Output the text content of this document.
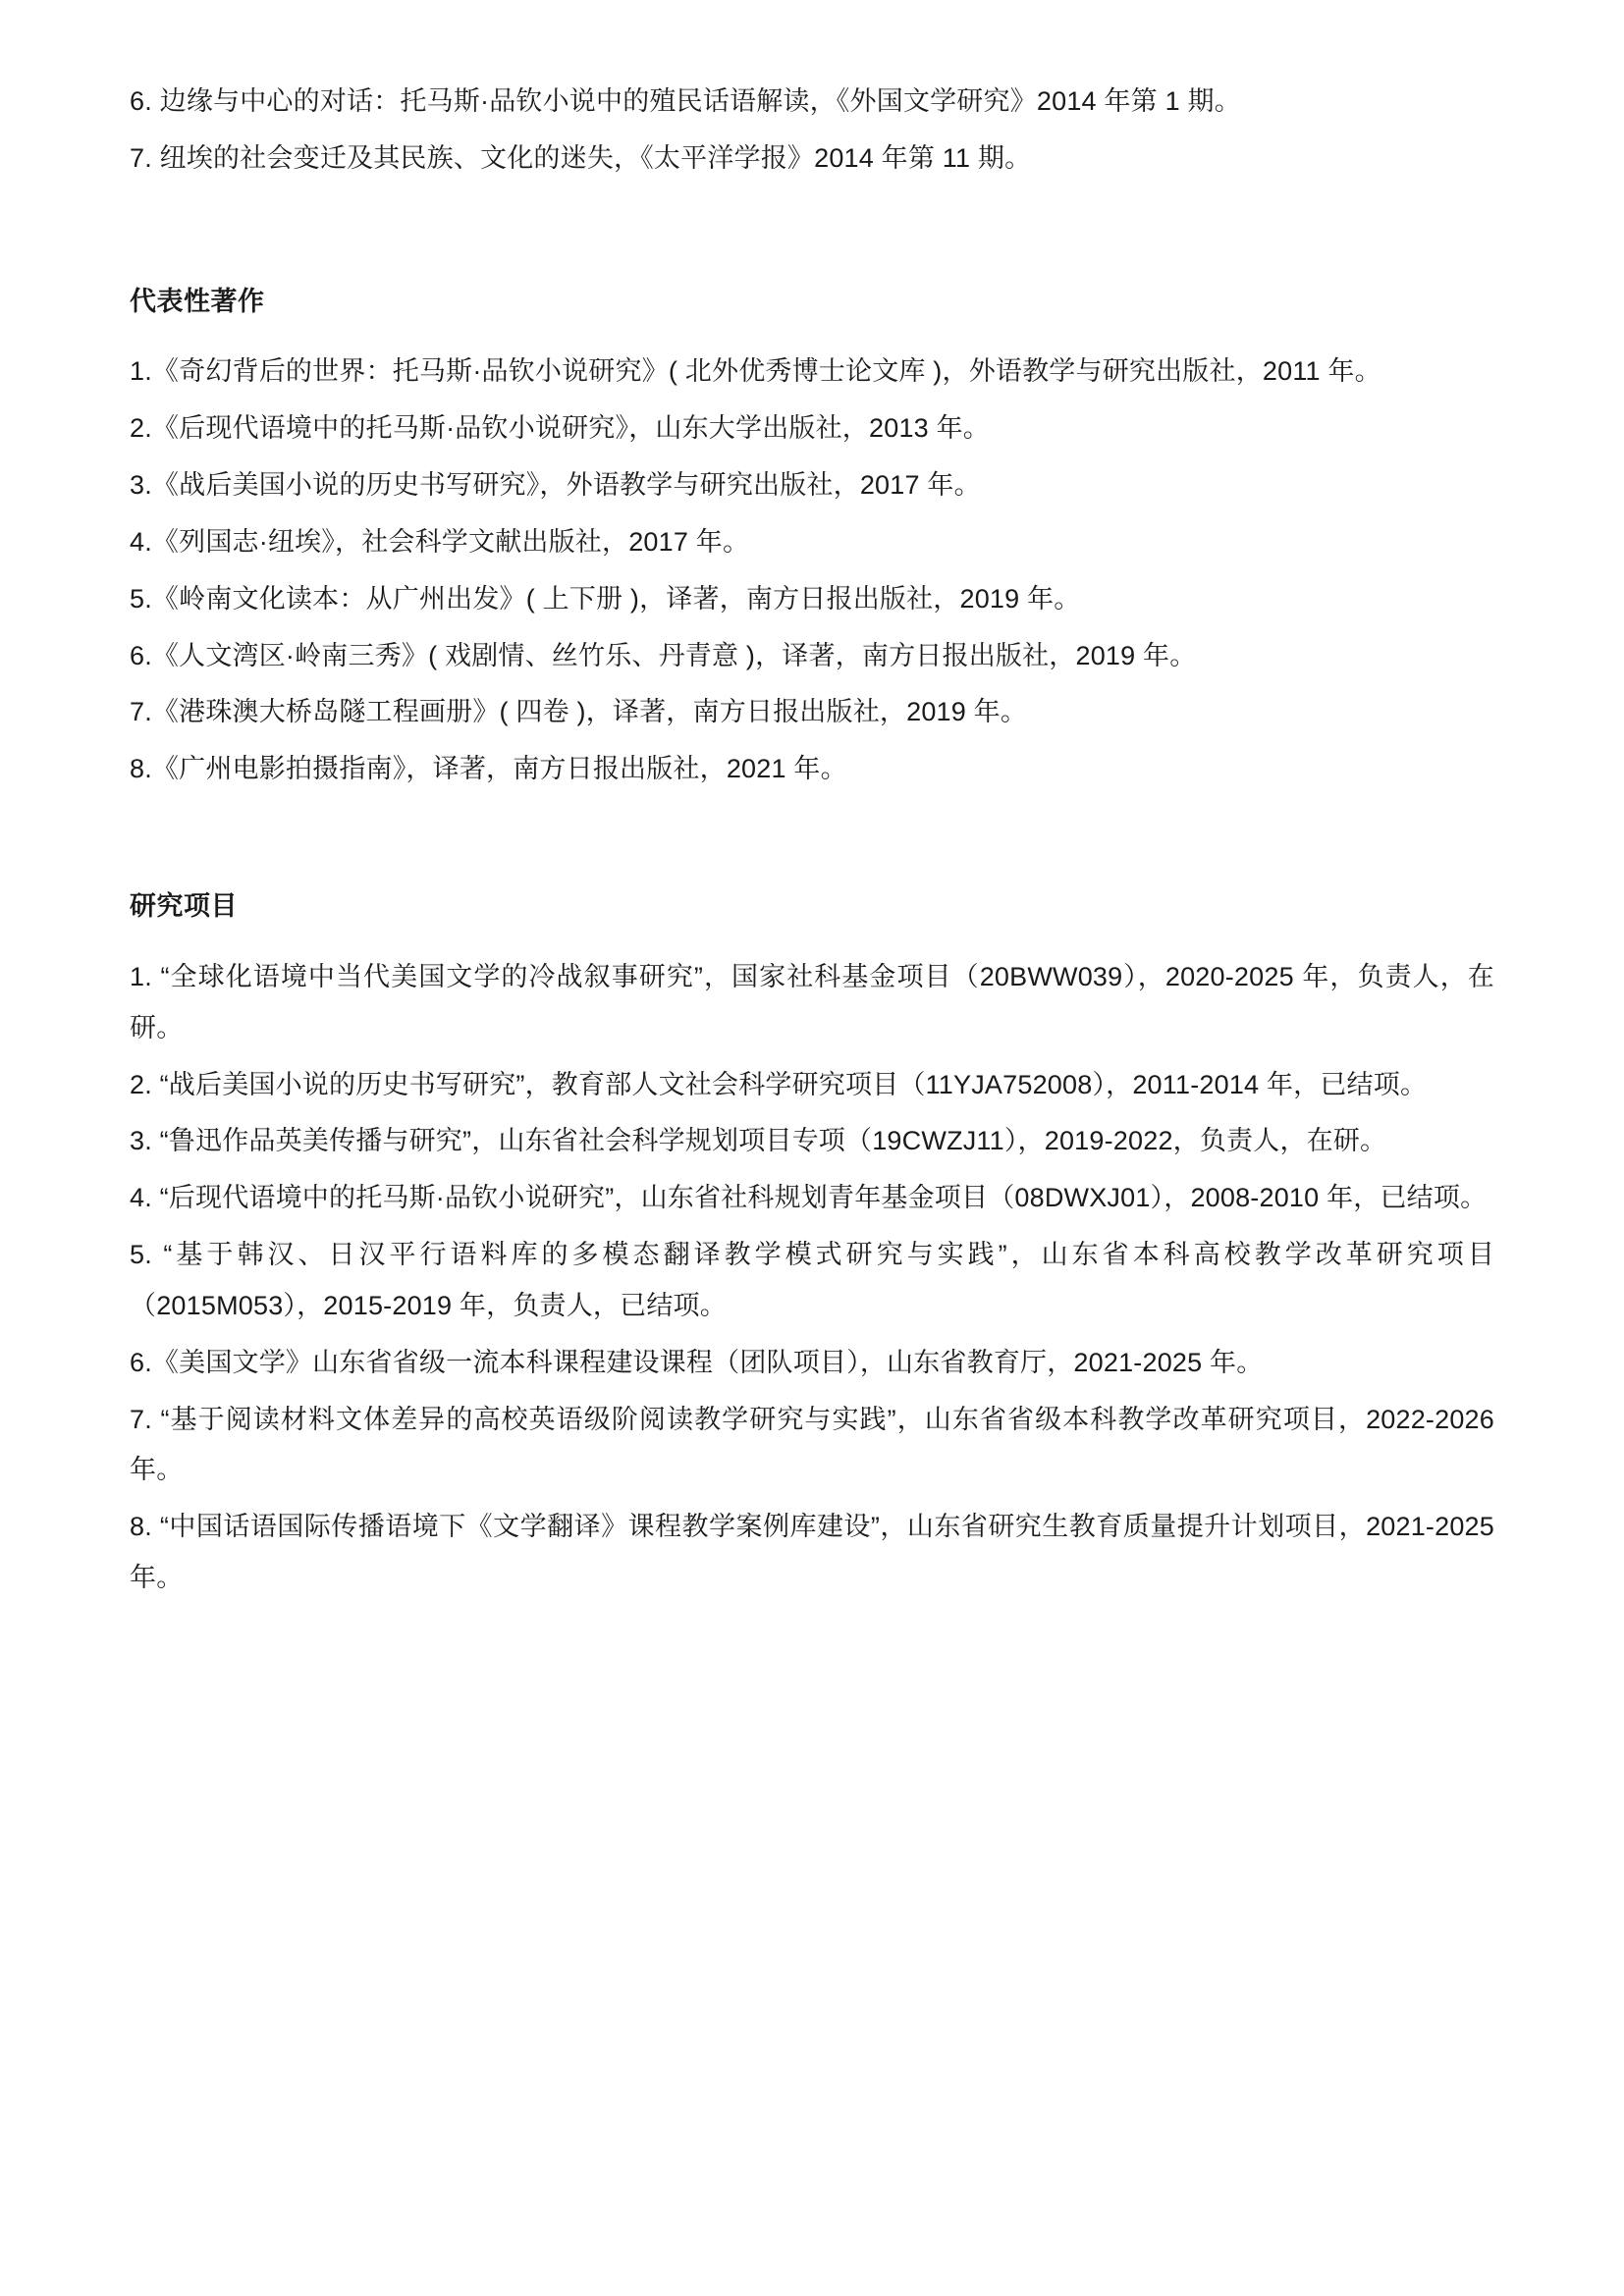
6. 边缘与中心的对话：托马斯·品钦小说中的殖民话语解读，《外国文学研究》2014 年第 1 期。

7. 纽埃的社会变迁及其民族、文化的迷失，《太平洋学报》2014 年第 11 期。

代表性著作

1.《奇幻背后的世界：托马斯·品钦小说研究》( 北外优秀博士论文库 )，外语教学与研究出版社，2011 年。

2.《后现代语境中的托马斯·品钦小说研究》，山东大学出版社，2013 年。

3.《战后美国小说的历史书写研究》，外语教学与研究出版社，2017 年。

4.《列国志·纽埃》，社会科学文献出版社，2017 年。

5.《岭南文化读本：从广州出发》( 上下册 )，译著，南方日报出版社，2019 年。

6.《人文湾区·岭南三秀》( 戏剧情、丝竹乐、丹青意 )，译著，南方日报出版社，2019 年。

7.《港珠澳大桥岛隧工程画册》( 四卷 )，译著，南方日报出版社，2019 年。

8.《广州电影拍摄指南》，译著，南方日报出版社，2021 年。

研究项目

1. “全球化语境中当代美国文学的冷战叙事研究”，国家社科基金项目（20BWW039），2020-2025 年，负责人，在研。

2. “战后美国小说的历史书写研究”，教育部人文社会科学研究项目（11YJA752008），2011-2014 年，已结项。

3. “鲁迅作品英美传播与研究”，山东省社会科学规划项目专项（19CWZJ11），2019-2022，负责人，在研。

4. “后现代语境中的托马斯·品钦小说研究”，山东省社科规划青年基金项目（08DWXJ01），2008-2010 年，已结项。

5. “基于韩汉、日汉平行语料库的多模态翻译教学模式研究与实践”，山东省本科高校教学改革研究项目（2015M053），2015-2019 年，负责人，已结项。

6.《美国文学》山东省省级一流本科课程建设课程（团队项目），山东省教育厅，2021-2025 年。

7. “基于阅读材料文体差异的高校英语级阶阅读教学研究与实践”，山东省省级本科教学改革研究项目，2022-2026 年。

8. “中国话语国际传播语境下《文学翻译》课程教学案例库建设”，山东省研究生教育质量提升计划项目，2021-2025 年。
